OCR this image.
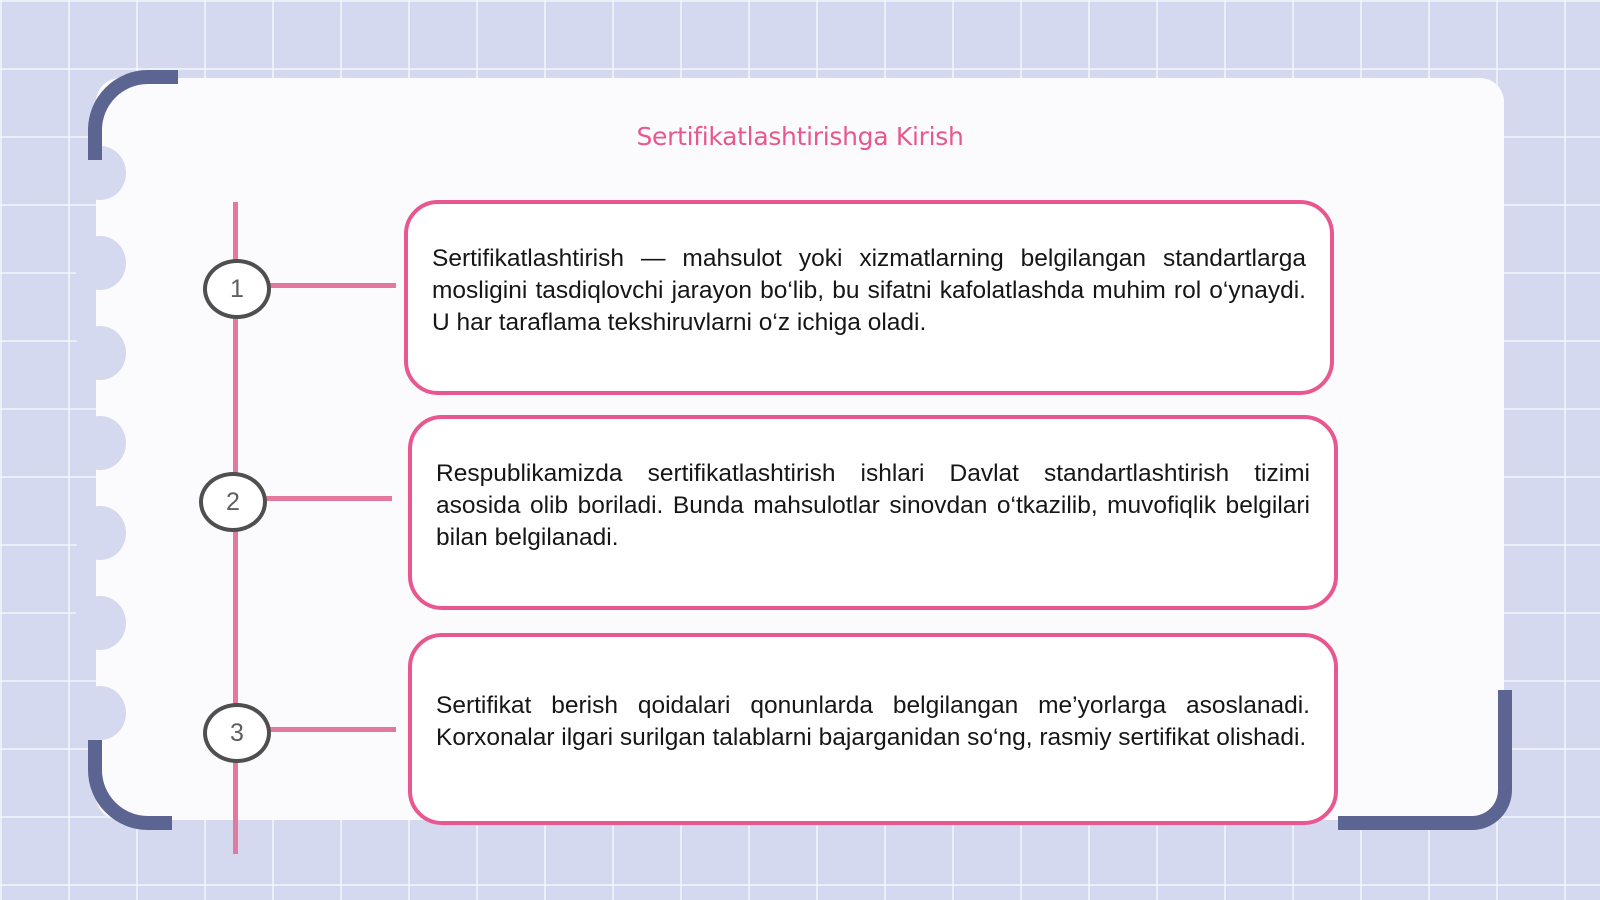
Sertifikatlashtirishga Kirish
1
2
3

Sertifikatlashtirish — mahsulot yoki xizmatlarning belgilangan standartlarga mosligini tasdiqlovchi jarayon bo‘lib, bu sifatni kafolatlashda muhim rol o‘ynaydi. U har taraflama tekshiruvlarni o‘z ichiga oladi.

Respublikamizda sertifikatlashtirish ishlari Davlat standartlashtirish tizimi asosida olib boriladi. Bunda mahsulotlar sinovdan o‘tkazilib, muvofiqlik belgilari bilan belgilanadi.

Sertifikat berish qoidalari qonunlarda belgilangan me’yorlarga asoslanadi. Korxonalar ilgari surilgan talablarni bajarganidan so‘ng, rasmiy sertifikat olishadi.
